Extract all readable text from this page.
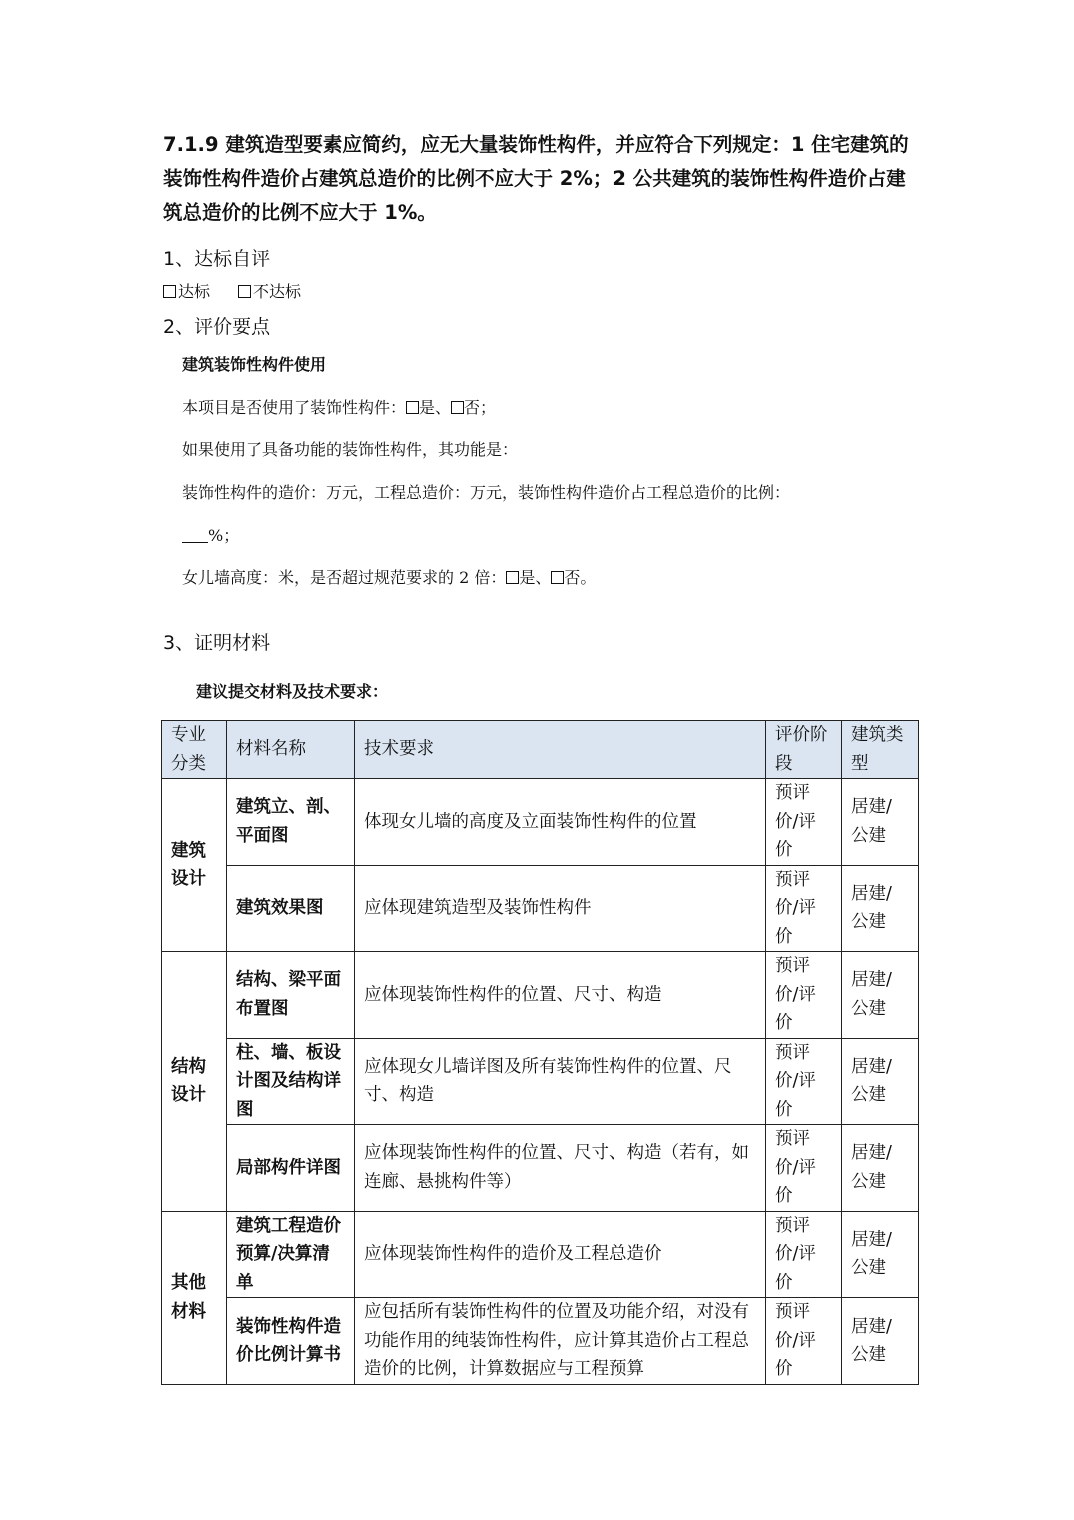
7.1.9 建筑造型要素应简约，应无大量装饰性构件，并应符合下列规定：1 住宅建筑的装饰性构件造价占建筑总造价的比例不应大于 2%；2 公共建筑的装饰性构件造价占建筑总造价的比例不应大于 1%。

1、达标自评

达标	不达标

2、评价要点

建筑装饰性构件使用

本项目是否使用了装饰性构件： 是、 否；

如果使用了具备功能的装饰性构件，其功能是：

装饰性构件的造价：万元，工程总造价：万元，装饰性构件造价占工程总造价的比例：

%；

女儿墙高度：米，是否超过规范要求的 2 倍： 是、 否。

3、证明材料

建议提交材料及技术要求：

专业分类	材料名称	技术要求	评价阶段	建筑类型
建筑设计	建筑立、剖、平面图	体现女儿墙的高度及立面装饰性构件的位置	预评价/评价	居建/公建
	建筑效果图	应体现建筑造型及装饰性构件	预评价/评价	居建/公建
结构设计	结构、梁平面布置图	应体现装饰性构件的位置、尺寸、构造	预评价/评价	居建/公建
	柱、墙、板设计图及结构详图	应体现女儿墙详图及所有装饰性构件的位置、尺寸、构造	预评价/评价	居建/公建
	局部构件详图	应体现装饰性构件的位置、尺寸、构造（若有，如连廊、悬挑构件等）	预评价/评价	居建/公建
其他材料	建筑工程造价预算/决算清单	应体现装饰性构件的造价及工程总造价	预评价/评价	居建/公建
	装饰性构件造价比例计算书	应包括所有装饰性构件的位置及功能介绍，对没有功能作用的纯装饰性构件，应计算其造价占工程总造价的比例，计算数据应与工程预算	预评价/评价	居建/公建
